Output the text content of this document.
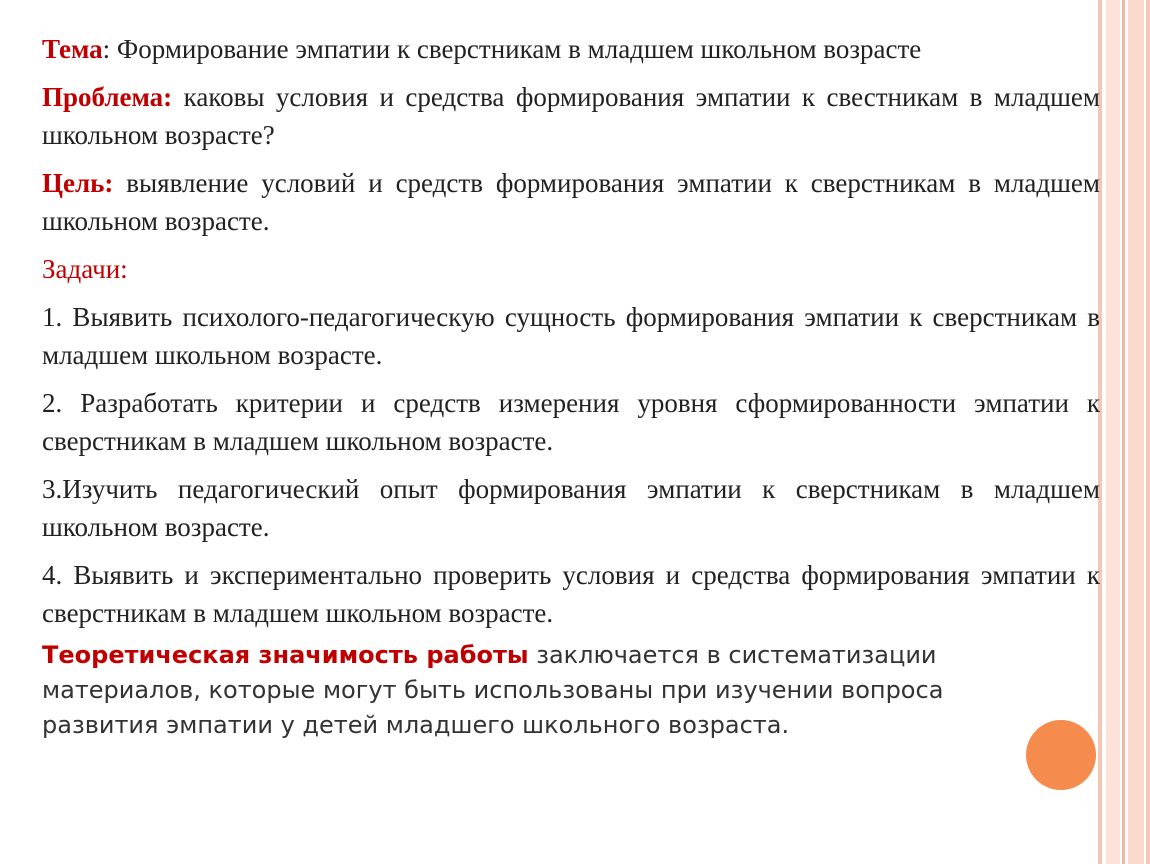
Тема: Формирование эмпатии к сверстникам в младшем школьном возрасте

Проблема: каковы условия и средства формирования эмпатии к свестникам в младшем школьном возрасте?

Цель: выявление условий и средств формирования эмпатии к сверстникам в младшем школьном возрасте.

Задачи:

1. Выявить психолого-педагогическую сущность формирования эмпатии к сверстникам в младшем школьном возрасте.

2. Разработать критерии и средств измерения уровня сформированности эмпатии к сверстникам в младшем школьном возрасте.

3.Изучить педагогический опыт формирования эмпатии к сверстникам в младшем школьном возрасте.

4. Выявить и экспериментально проверить условия и средства формирования эмпатии к сверстникам в младшем школьном возрасте.

Теоретическая значимость работы заключается в систематизации материалов, которые могут быть использованы при изучении вопроса развития эмпатии у детей младшего школьного возраста.
